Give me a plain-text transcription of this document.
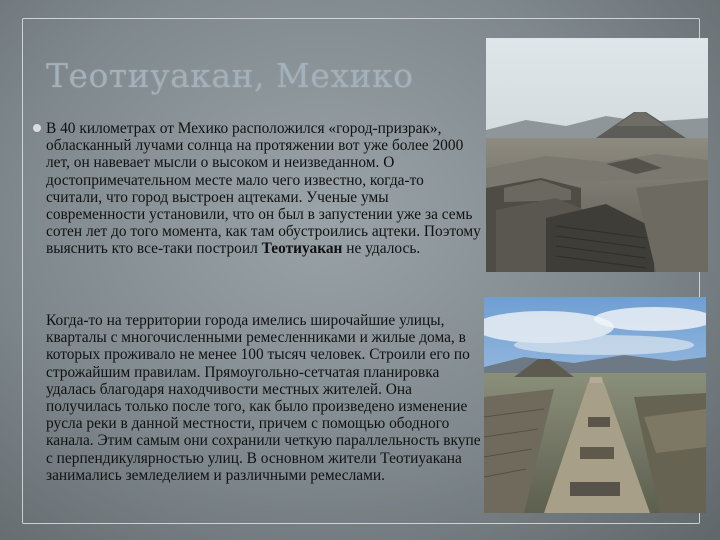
Теотиуакан, Мехико

В 40 километрах от Мехико расположился «город-призрак», обласканный лучами солнца на протяжении вот уже более 2000 лет, он навевает мысли о высоком и неизведанном. О достопримечательном месте мало чего известно, когда-то считали, что город выстроен ацтеками. Ученые умы современности установили, что он был в запустении уже за семь сотен лет до того момента, как там обустроились ацтеки. Поэтому выяснить кто все-таки построил Теотиуакан не удалось.

Когда-то на территории города имелись широчайшие улицы, кварталы с многочисленными ремесленниками и жилые дома, в которых проживало не менее 100 тысяч человек. Строили его по строжайшим правилам. Прямоугольно-сетчатая планировка удалась благодаря находчивости местных жителей. Она получилась только после того, как было произведено изменение русла реки в данной местности, причем с помощью ободного канала. Этим самым они сохранили четкую параллельность вкупе с перпендикулярностью улиц. В основном жители Теотиуакана занимались земледелием и различными ремеслами.
